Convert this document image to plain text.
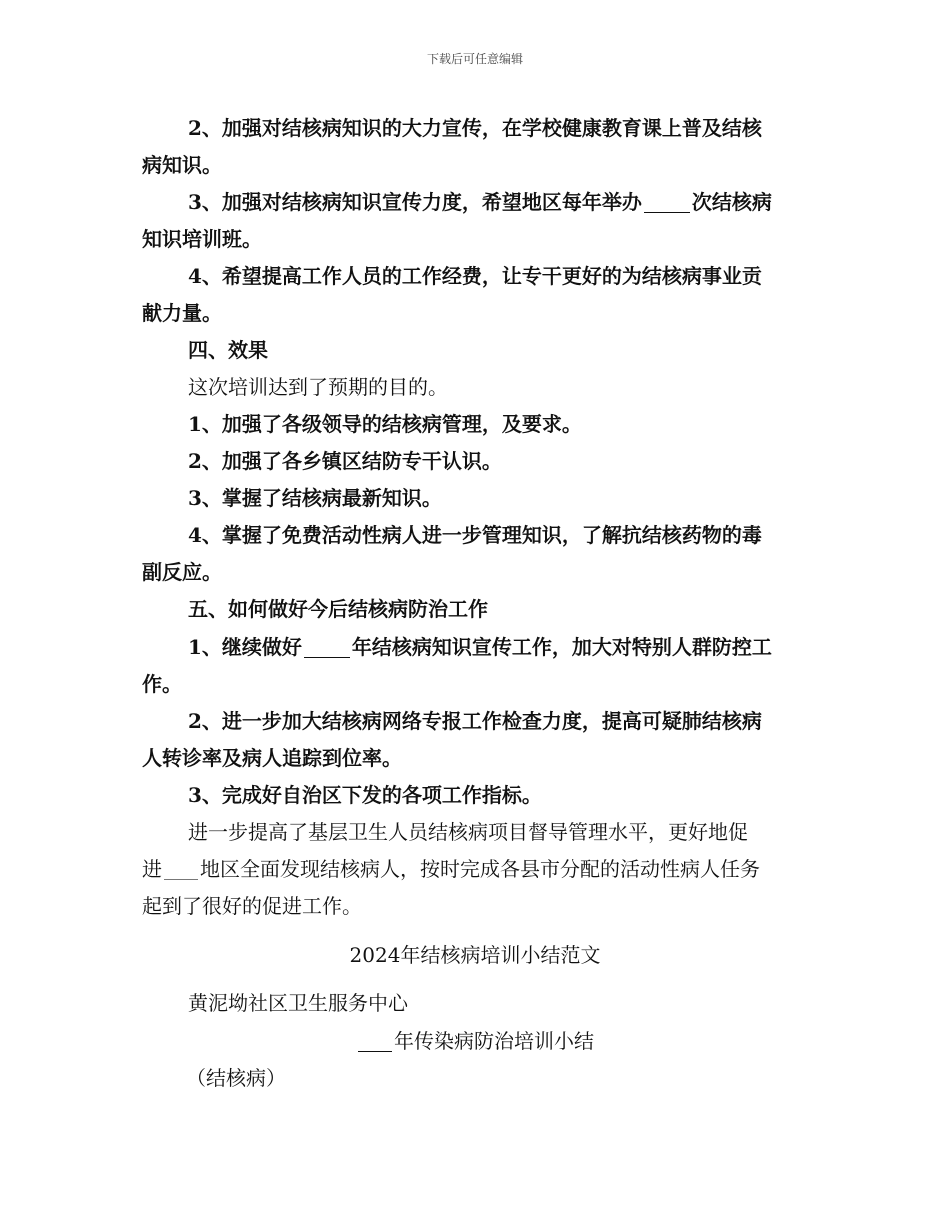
下载后可任意编辑
2、加强对结核病知识的大力宣传，在学校健康教育课上普及结核
病知识。
3、加强对结核病知识宣传力度，希望地区每年举办	次结核病
知识培训班。
4、希望提高工作人员的工作经费，让专干更好的为结核病事业贡
献力量。
四、效果
这次培训达到了预期的目的。
1、加强了各级领导的结核病管理，及要求。
2、加强了各乡镇区结防专干认识。
3、掌握了结核病最新知识。
4、掌握了免费活动性病人进一步管理知识，了解抗结核药物的毒
副反应。
五、如何做好今后结核病防治工作
1、继续做好	年结核病知识宣传工作，加大对特别人群防控工
作。
2、进一步加大结核病网络专报工作检查力度，提高可疑肺结核病
人转诊率及病人追踪到位率。
3、完成好自治区下发的各项工作指标。
进一步提高了基层卫生人员结核病项目督导管理水平，更好地促
进 地区全面发现结核病人，按时完成各县市分配的活动性病人任务
起到了很好的促进工作。
2024年结核病培训小结范文
黄泥坳社区卫生服务中心
年传染病防治培训小结
（结核病）
